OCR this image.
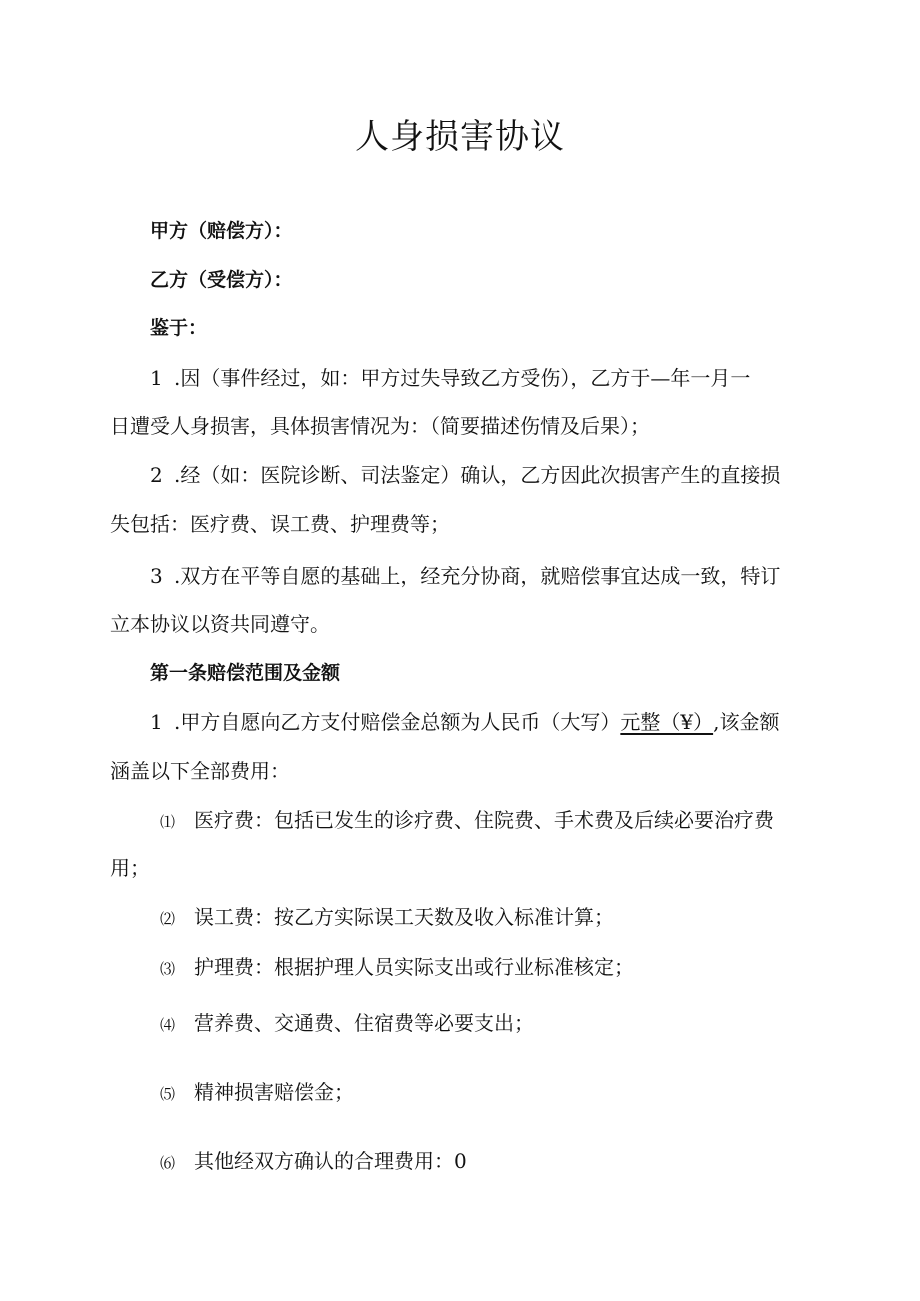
人身损害协议
甲方（赔偿方）：
乙方（受偿方）：
鉴于：
1 .因（事件经过，如：甲方过失导致乙方受伤），乙方于—年一月一
日遭受人身损害，具体损害情况为：（简要描述伤情及后果）；
2 .经（如：医院诊断、司法鉴定）确认，乙方因此次损害产生的直接损
失包括：医疗费、误工费、护理费等；
3 .双方在平等自愿的基础上，经充分协商，就赔偿事宜达成一致，特订
立本协议以资共同遵守。
第一条赔偿范围及金额
1 .甲方自愿向乙方支付赔偿金总额为人民币（大写）元整（¥）,该金额
涵盖以下全部费用：
⑴ 医疗费：包括已发生的诊疗费、住院费、手术费及后续必要治疗费
用；
⑵ 误工费：按乙方实际误工天数及收入标准计算；
⑶ 护理费：根据护理人员实际支出或行业标准核定；
⑷ 营养费、交通费、住宿费等必要支出；
⑸ 精神损害赔偿金；
⑹ 其他经双方确认的合理费用：0
